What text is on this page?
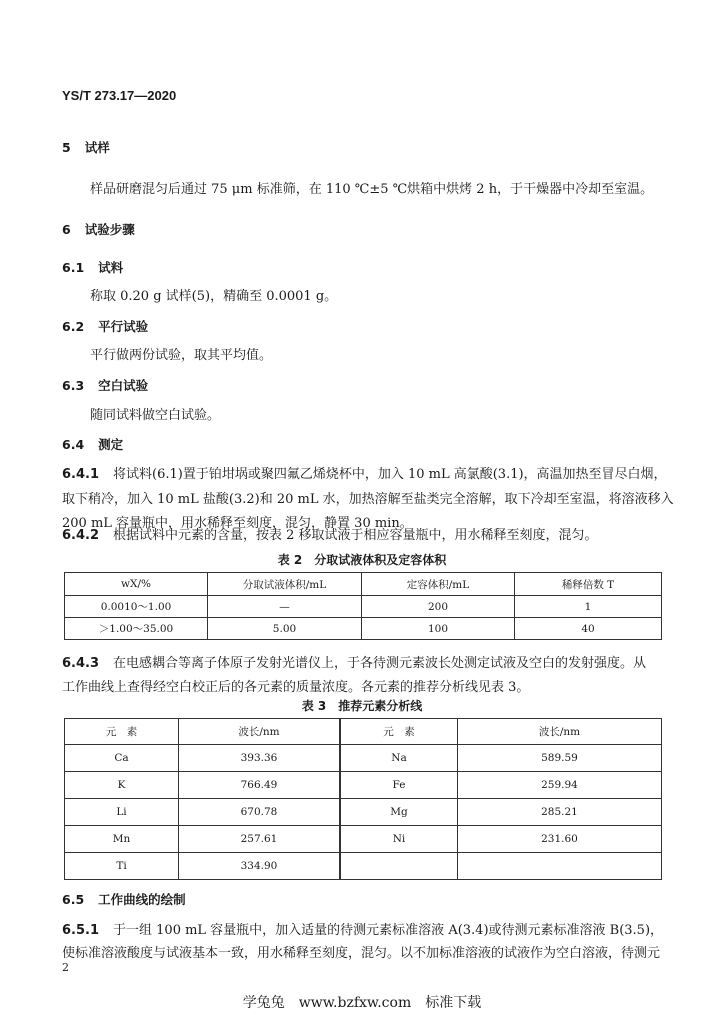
YS/T 273.17—2020
5 试样
样品研磨混匀后通过 75 μm 标准筛，在 110 ℃±5 ℃烘箱中烘烤 2 h，于干燥器中冷却至室温。
6 试验步骤
6.1 试料
称取 0.20 g 试样(5)，精确至 0.0001 g。
6.2 平行试验
平行做两份试验，取其平均值。
6.3 空白试验
随同试料做空白试验。
6.4 测定
6.4.1 将试料(6.1)置于铂坩埚或聚四氟乙烯烧杯中，加入 10 mL 高氯酸(3.1)，高温加热至冒尽白烟，
取下稍冷，加入 10 mL 盐酸(3.2)和 20 mL 水，加热溶解至盐类完全溶解，取下冷却至室温，将溶液移入
200 mL 容量瓶中，用水稀释至刻度，混匀，静置 30 min。
6.4.2 根据试料中元素的含量，按表 2 移取试液于相应容量瓶中，用水稀释至刻度，混匀。
表 2　分取试液体积及定容体积
wX/%	分取试液体积/mL	定容体积/mL	稀释倍数 T
0.0010～1.00	—	200	1
＞1.00～35.00	5.00	100	40
6.4.3 在电感耦合等离子体原子发射光谱仪上，于各待测元素波长处测定试液及空白的发射强度。从
工作曲线上查得经空白校正后的各元素的质量浓度。各元素的推荐分析线见表 3。
表 3　推荐元素分析线
元　素	波长/nm	元　素	波长/nm
Ca	393.36	Na	589.59
K	766.49	Fe	259.94
Li	670.78	Mg	285.21
Mn	257.61	Ni	231.60
Ti	334.90		
6.5 工作曲线的绘制
6.5.1 于一组 100 mL 容量瓶中，加入适量的待测元素标准溶液 A(3.4)或待测元素标准溶液 B(3.5)，
使标准溶液酸度与试液基本一致，用水稀释至刻度，混匀。以不加标准溶液的试液作为空白溶液，待测元
2
学兔兔　www.bzfxw.com　标准下载
